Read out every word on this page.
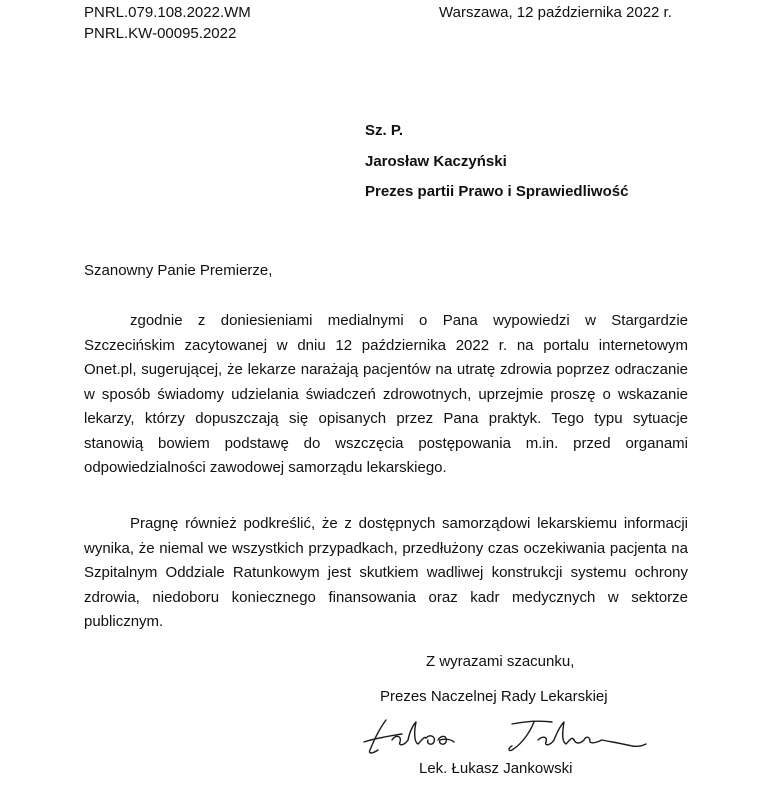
PNRL.079.108.2022.WM
PNRL.KW-00095.2022
Warszawa, 12 października 2022 r.
Sz. P.
Jarosław Kaczyński
Prezes partii Prawo i Sprawiedliwość
Szanowny Panie Premierze,

zgodnie z doniesieniami medialnymi o Pana wypowiedzi w Stargardzie Szczecińskim zacytowanej w dniu 12 października 2022 r. na portalu internetowym Onet.pl, sugerującej, że lekarze narażają pacjentów na utratę zdrowia poprzez odraczanie w sposób świadomy udzielania świadczeń zdrowotnych, uprzejmie proszę o wskazanie lekarzy, którzy dopuszczają się opisanych przez Pana praktyk. Tego typu sytuacje stanowią bowiem podstawę do wszczęcia postępowania m.in. przed organami odpowiedzialności zawodowej samorządu lekarskiego.

Pragnę również podkreślić, że z dostępnych samorządowi lekarskiemu informacji wynika, że niemal we wszystkich przypadkach, przedłużony czas oczekiwania pacjenta na Szpitalnym Oddziale Ratunkowym jest skutkiem wadliwej konstrukcji systemu ochrony zdrowia, niedoboru koniecznego finansowania oraz kadr medycznych w sektorze publicznym.

Z wyrazami szacunku,
Prezes Naczelnej Rady Lekarskiej
Lek. Łukasz Jankowski
